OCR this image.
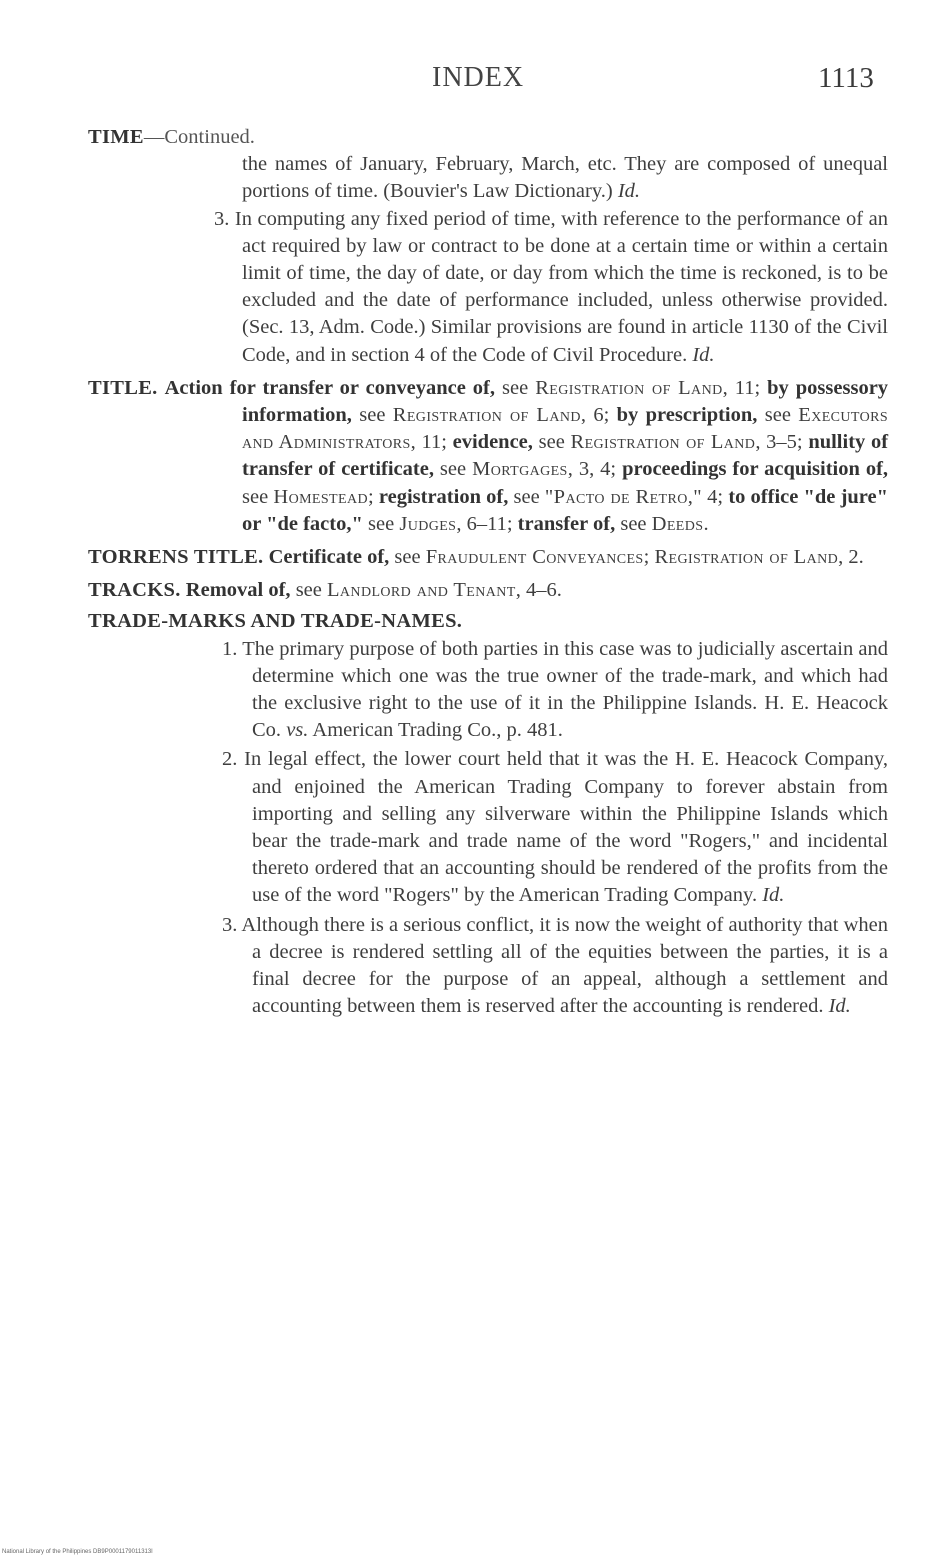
INDEX	1113
TIME—Continued.
the names of January, February, March, etc. They are composed of unequal portions of time. (Bouvier's Law Dictionary.) Id.
3. In computing any fixed period of time, with reference to the performance of an act required by law or contract to be done at a certain time or within a certain limit of time, the day of date, or day from which the time is reckoned, is to be excluded and the date of performance included, unless otherwise provided. (Sec. 13, Adm. Code.) Similar provisions are found in article 1130 of the Civil Code, and in section 4 of the Code of Civil Procedure. Id.
TITLE. Action for transfer or conveyance of, see Registration of Land, 11; by possessory information, see Registration of Land, 6; by prescription, see Executors and Administrators, 11; evidence, see Registration of Land, 3–5; nullity of transfer of certificate, see Mortgages, 3, 4; proceedings for acquisition of, see Homestead; registration of, see "Pacto de Retro," 4; to office "de jure" or "de facto," see Judges, 6–11; transfer of, see Deeds.
TORRENS TITLE. Certificate of, see Fraudulent Conveyances; Registration of Land, 2.
TRACKS. Removal of, see Landlord and Tenant, 4–6.
TRADE-MARKS AND TRADE-NAMES.
1. The primary purpose of both parties in this case was to judicially ascertain and determine which one was the true owner of the trade-mark, and which had the exclusive right to the use of it in the Philippine Islands. H. E. Heacock Co. vs. American Trading Co., p. 481.
2. In legal effect, the lower court held that it was the H. E. Heacock Company, and enjoined the American Trading Company to forever abstain from importing and selling any silverware within the Philippine Islands which bear the trade-mark and trade name of the word "Rogers," and incidental thereto ordered that an accounting should be rendered of the profits from the use of the word "Rogers" by the American Trading Company. Id.
3. Although there is a serious conflict, it is now the weight of authority that when a decree is rendered settling all of the equities between the parties, it is a final decree for the purpose of an appeal, although a settlement and accounting between them is reserved after the accounting is rendered. Id.
National Library of the Philippines DB9P0001179011313l
